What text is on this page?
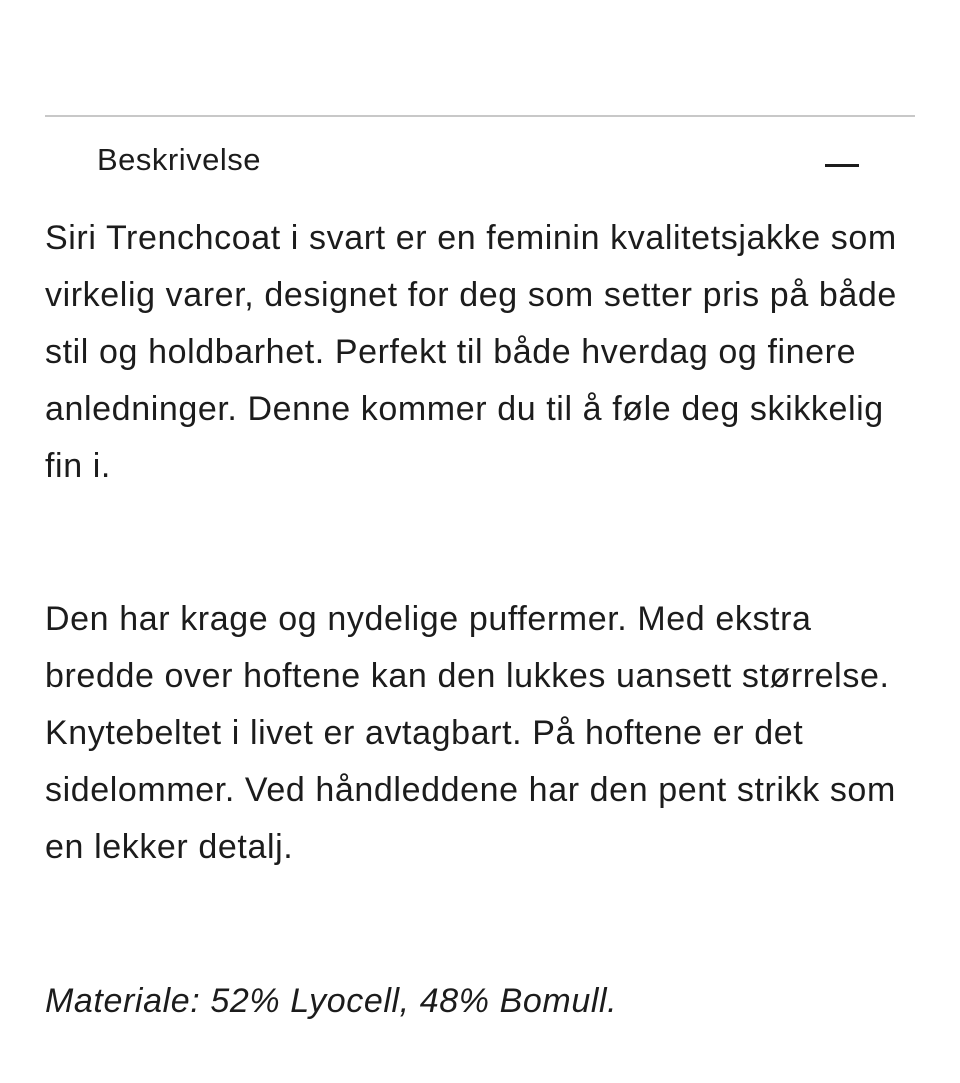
Beskrivelse

Siri Trenchcoat i svart er en feminin kvalitetsjakke som virkelig varer, designet for deg som setter pris på både stil og holdbarhet. Perfekt til både hverdag og finere anledninger. Denne kommer du til å føle deg skikkelig fin i.

Den har krage og nydelige puffermer. Med ekstra bredde over hoftene kan den lukkes uansett størrelse. Knytebeltet i livet er avtagbart. På hoftene er det sidelommer. Ved håndleddene har den pent strikk som en lekker detalj.

Materiale: 52% Lyocell, 48% Bomull.
